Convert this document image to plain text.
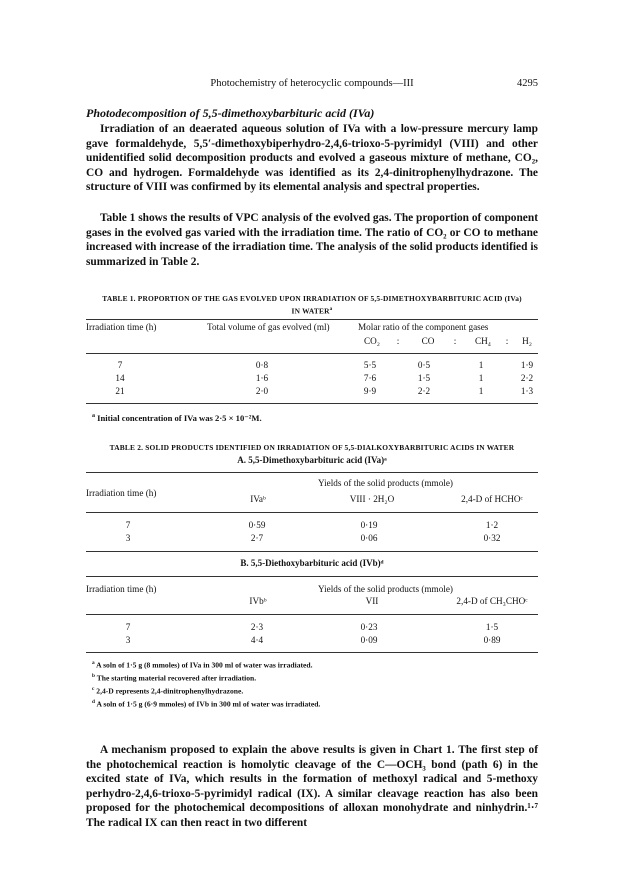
Photochemistry of heterocyclic compounds—III	4295
Photodecomposition of 5,5-dimethoxybarbituric acid (IVa)
Irradiation of an deaerated aqueous solution of IVa with a low-pressure mercury lamp gave formaldehyde, 5,5′-dimethoxybiperhydro-2,4,6-trioxo-5-pyrimidyl (VIII) and other unidentified solid decomposition products and evolved a gaseous mixture of methane, CO₂, CO and hydrogen. Formaldehyde was identified as its 2,4-dinitrophenylhydrazone. The structure of VIII was confirmed by its elemental analysis and spectral properties.
Table 1 shows the results of VPC analysis of the evolved gas. The proportion of component gases in the evolved gas varied with the irradiation time. The ratio of CO₂ or CO to methane increased with increase of the irradiation time. The analysis of the solid products identified is summarized in Table 2.
TABLE 1. PROPORTION OF THE GAS EVOLVED UPON IRRADIATION OF 5,5-DIMETHOXYBARBITURIC ACID (IVa)
IN WATER$^a$
Irradiation time (h)	Total volume of gas evolved (ml)	Molar ratio of the component gases
CO₂ : CO : CH₄ : H₂
7	0·8	5·5	0·5	1	1·9
14	1·6	7·6	1·5	1	2·2
21	2·0	9·9	2·2	1	1·3
$^a$ Initial concentration of IVa was 2·5 × 10⁻²M.
TABLE 2. SOLID PRODUCTS IDENTIFIED ON IRRADIATION OF 5,5-DIALKOXYBARBITURIC ACIDS IN WATER
A. 5,5-Dimethoxybarbituric acid (IVa)ᵃ
Irradiation time (h)
Yields of the solid products (mmole)
IVaᵇ	VIII · 2H₂O	2,4-D of HCHOᶜ
7	0·59	0·19	1·2
3	2·7	0·06	0·32
B. 5,5-Diethoxybarbituric acid (IVb)ᵈ
Irradiation time (h)	Yields of the solid products (mmole)
IVbᵇ	VII	2,4-D of CH₃CHOᶜ
7	2·3	0·23	1·5
3	4·4	0·09	0·89
$^a$ A soln of 1·5 g (8 mmoles) of IVa in 300 ml of water was irradiated.
$^b$ The starting material recovered after irradiation.
$^c$ 2,4-D represents 2,4-dinitrophenylhydrazone.
$^d$ A soln of 1·5 g (6·9 mmoles) of IVb in 300 ml of water was irradiated.
A mechanism proposed to explain the above results is given in Chart 1. The first step of the photochemical reaction is homolytic cleavage of the C—OCH₃ bond (path 6) in the excited state of IVa, which results in the formation of methoxyl radical and 5-methoxy perhydro-2,4,6-trioxo-5-pyrimidyl radical (IX). A similar cleavage reaction has also been proposed for the photochemical decompositions of alloxan monohydrate and ninhydrin.¹·⁷ The radical IX can then react in two different
